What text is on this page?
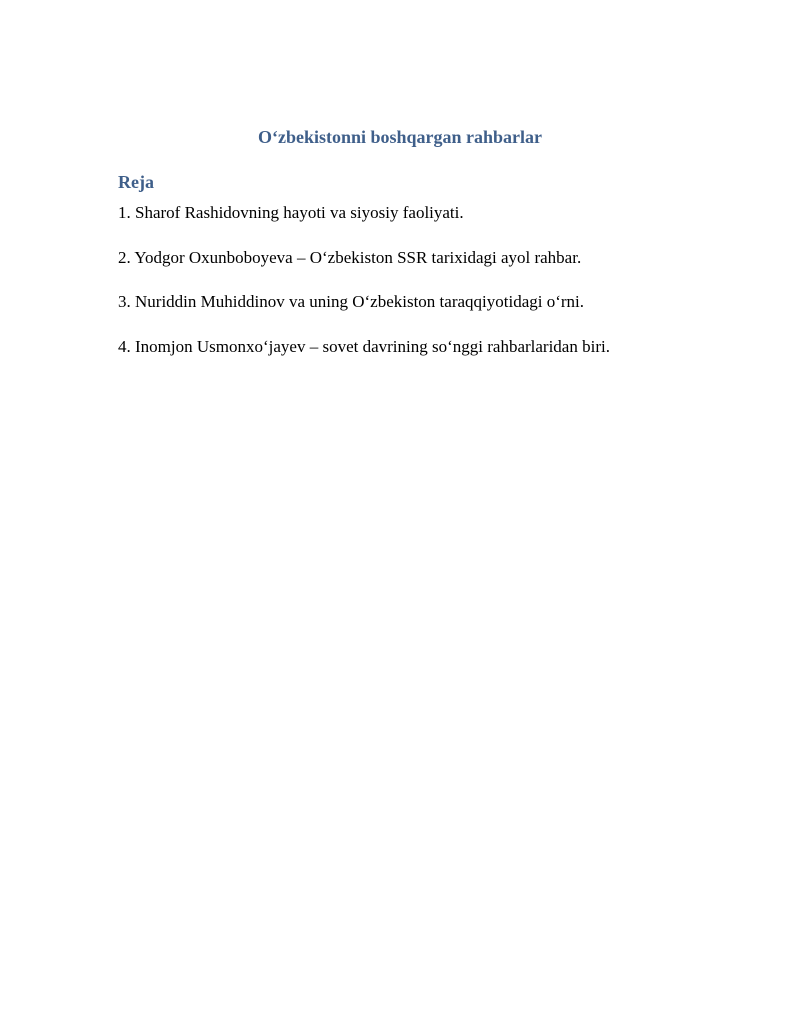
O‘zbekistonni boshqargan rahbarlar
Reja
1. Sharof Rashidovning hayoti va siyosiy faoliyati.
2. Yodgor Oxunboboyeva – O‘zbekiston SSR tarixidagi ayol rahbar.
3. Nuriddin Muhiddinov va uning O‘zbekiston taraqqiyotidagi o‘rni.
4. Inomjon Usmonxo‘jayev – sovet davrining so‘nggi rahbarlaridan biri.
